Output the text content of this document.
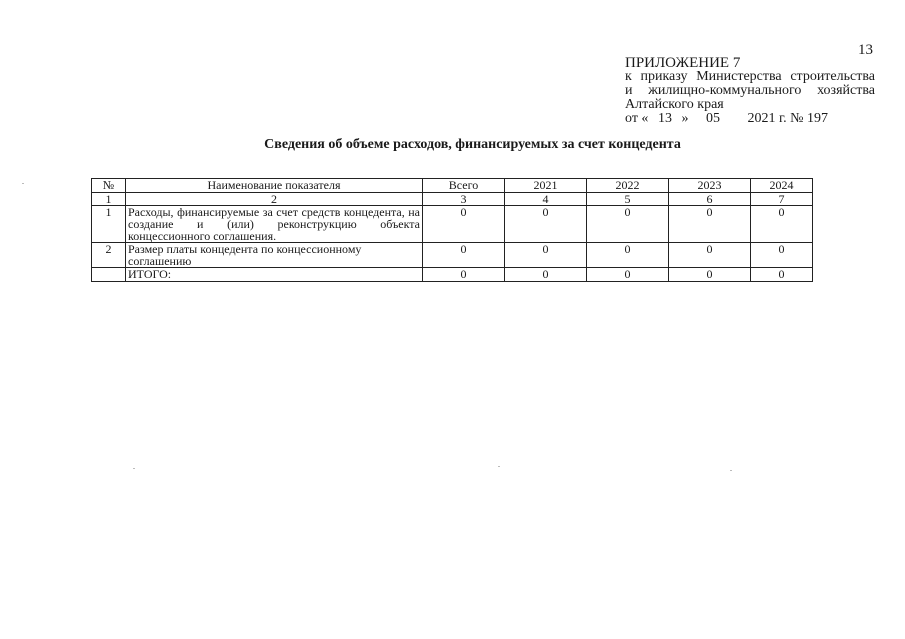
13
ПРИЛОЖЕНИЕ 7
к приказу Министерства строительства
и жилищно-коммунального хозяйства
Алтайского края
от « 13 » 05 2021 г. № 197
Сведения об объеме расходов, финансируемых за счет концедента
№	Наименование показателя	Всего	2021	2022	2023	2024
1	2	3	4	5	6	7
1	Расходы, финансируемые за счет средств концедента, на создание и (или) реконструкцию объекта концессионного соглашения.	0	0	0	0	0
2	Размер платы концедента по концессионному соглашению	0	0	0	0	0
	ИТОГО:	0	0	0	0	0
